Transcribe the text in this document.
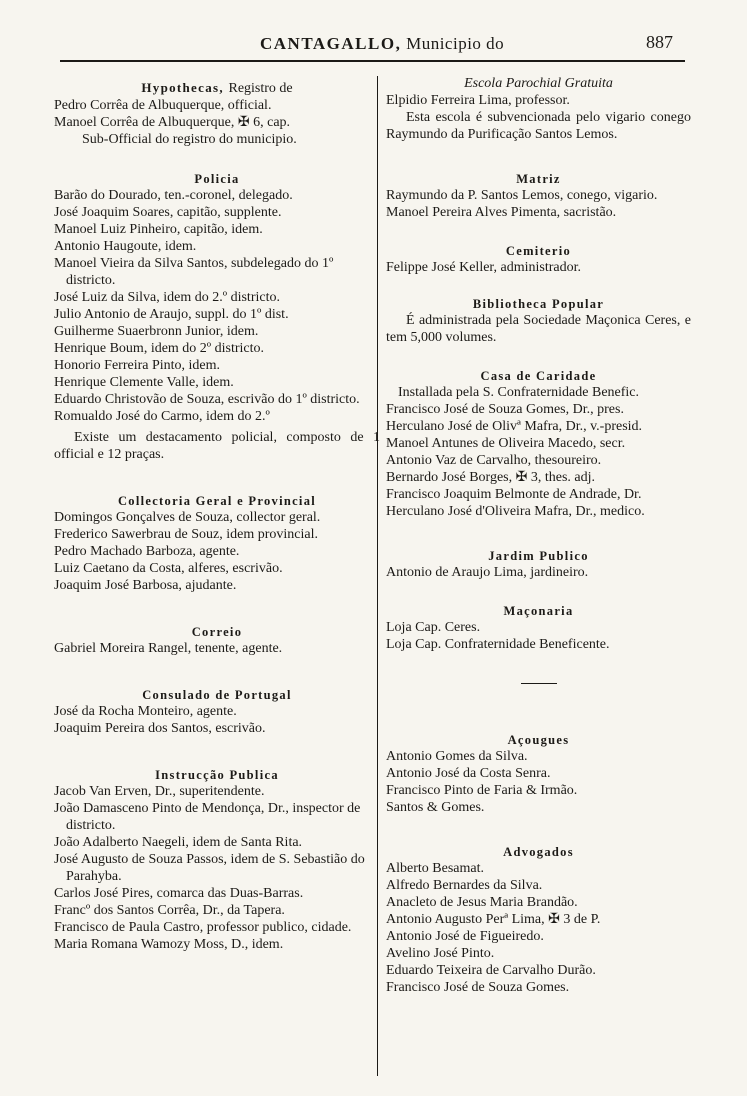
CANTAGALLO, Municipio do	887
Hypothecas, Registro de
Pedro Corrêa de Albuquerque, official.
Manoel Corrêa de Albuquerque, ✠ 6, cap.
Sub-Official do registro do municipio.
Policia
Barão do Dourado, ten.-coronel, delegado.
José Joaquim Soares, capitão, supplente.
Manoel Luiz Pinheiro, capitão, idem.
Antonio Haugoute, idem.
Manoel Vieira da Silva Santos, subdelegado do 1º districto.
José Luiz da Silva, idem do 2.º districto.
Julio Antonio de Araujo, suppl. do 1º dist.
Guilherme Suaerbronn Junior, idem.
Henrique Boum, idem do 2º districto.
Honorio Ferreira Pinto, idem.
Henrique Clemente Valle, idem.
Eduardo Christovão de Souza, escrivão do 1º districto.
Romualdo José do Carmo, idem do 2.º
Existe um destacamento policial, composto de 1 official e 12 praças.
Collectoria Geral e Provincial
Domingos Gonçalves de Souza, collector geral.
Frederico Sawerbrau de Souz, idem provincial.
Pedro Machado Barboza, agente.
Luiz Caetano da Costa, alferes, escrivão.
Joaquim José Barbosa, ajudante.
Correio
Gabriel Moreira Rangel, tenente, agente.
Consulado de Portugal
José da Rocha Monteiro, agente.
Joaquim Pereira dos Santos, escrivão.
Instrucção Publica
Jacob Van Erven, Dr., superitendente.
João Damasceno Pinto de Mendonça, Dr., inspector de districto.
João Adalberto Naegeli, idem de Santa Rita.
José Augusto de Souza Passos, idem de S. Sebastião do Parahyba.
Carlos José Pires, comarca das Duas-Barras.
Francº dos Santos Corrêa, Dr., da Tapera.
Francisco de Paula Castro, professor publico, cidade.
Maria Romana Wamozy Moss, D., idem.
Escola Parochial Gratuita
Elpidio Ferreira Lima, professor.
Esta escola é subvencionada pelo vigario conego Raymundo da Purificação Santos Lemos.
Matriz
Raymundo da P. Santos Lemos, conego, vigario.
Manoel Pereira Alves Pimenta, sacristão.
Cemiterio
Felippe José Keller, administrador.
Bibliotheca Popular
É administrada pela Sociedade Maçonica Ceres, e tem 5,000 volumes.
Casa de Caridade
Installada pela S. Confraternidade Benefic.
Francisco José de Souza Gomes, Dr., pres.
Herculano José de Olivª Mafra, Dr., v.-presid.
Manoel Antunes de Oliveira Macedo, secr.
Antonio Vaz de Carvalho, thesoureiro.
Bernardo José Borges, ✠ 3, thes. adj.
Francisco Joaquim Belmonte de Andrade, Dr.
Herculano José d'Oliveira Mafra, Dr., medico.
Jardim Publico
Antonio de Araujo Lima, jardineiro.
Maçonaria
Loja Cap. Ceres.
Loja Cap. Confraternidade Beneficente.
Açougues
Antonio Gomes da Silva.
Antonio José da Costa Senra.
Francisco Pinto de Faria & Irmão.
Santos & Gomes.
Advogados
Alberto Besamat.
Alfredo Bernardes da Silva.
Anacleto de Jesus Maria Brandão.
Antonio Augusto Perª Lima, ✠ 3 de P.
Antonio José de Figueiredo.
Avelino José Pinto.
Eduardo Teixeira de Carvalho Durão.
Francisco José de Souza Gomes.
